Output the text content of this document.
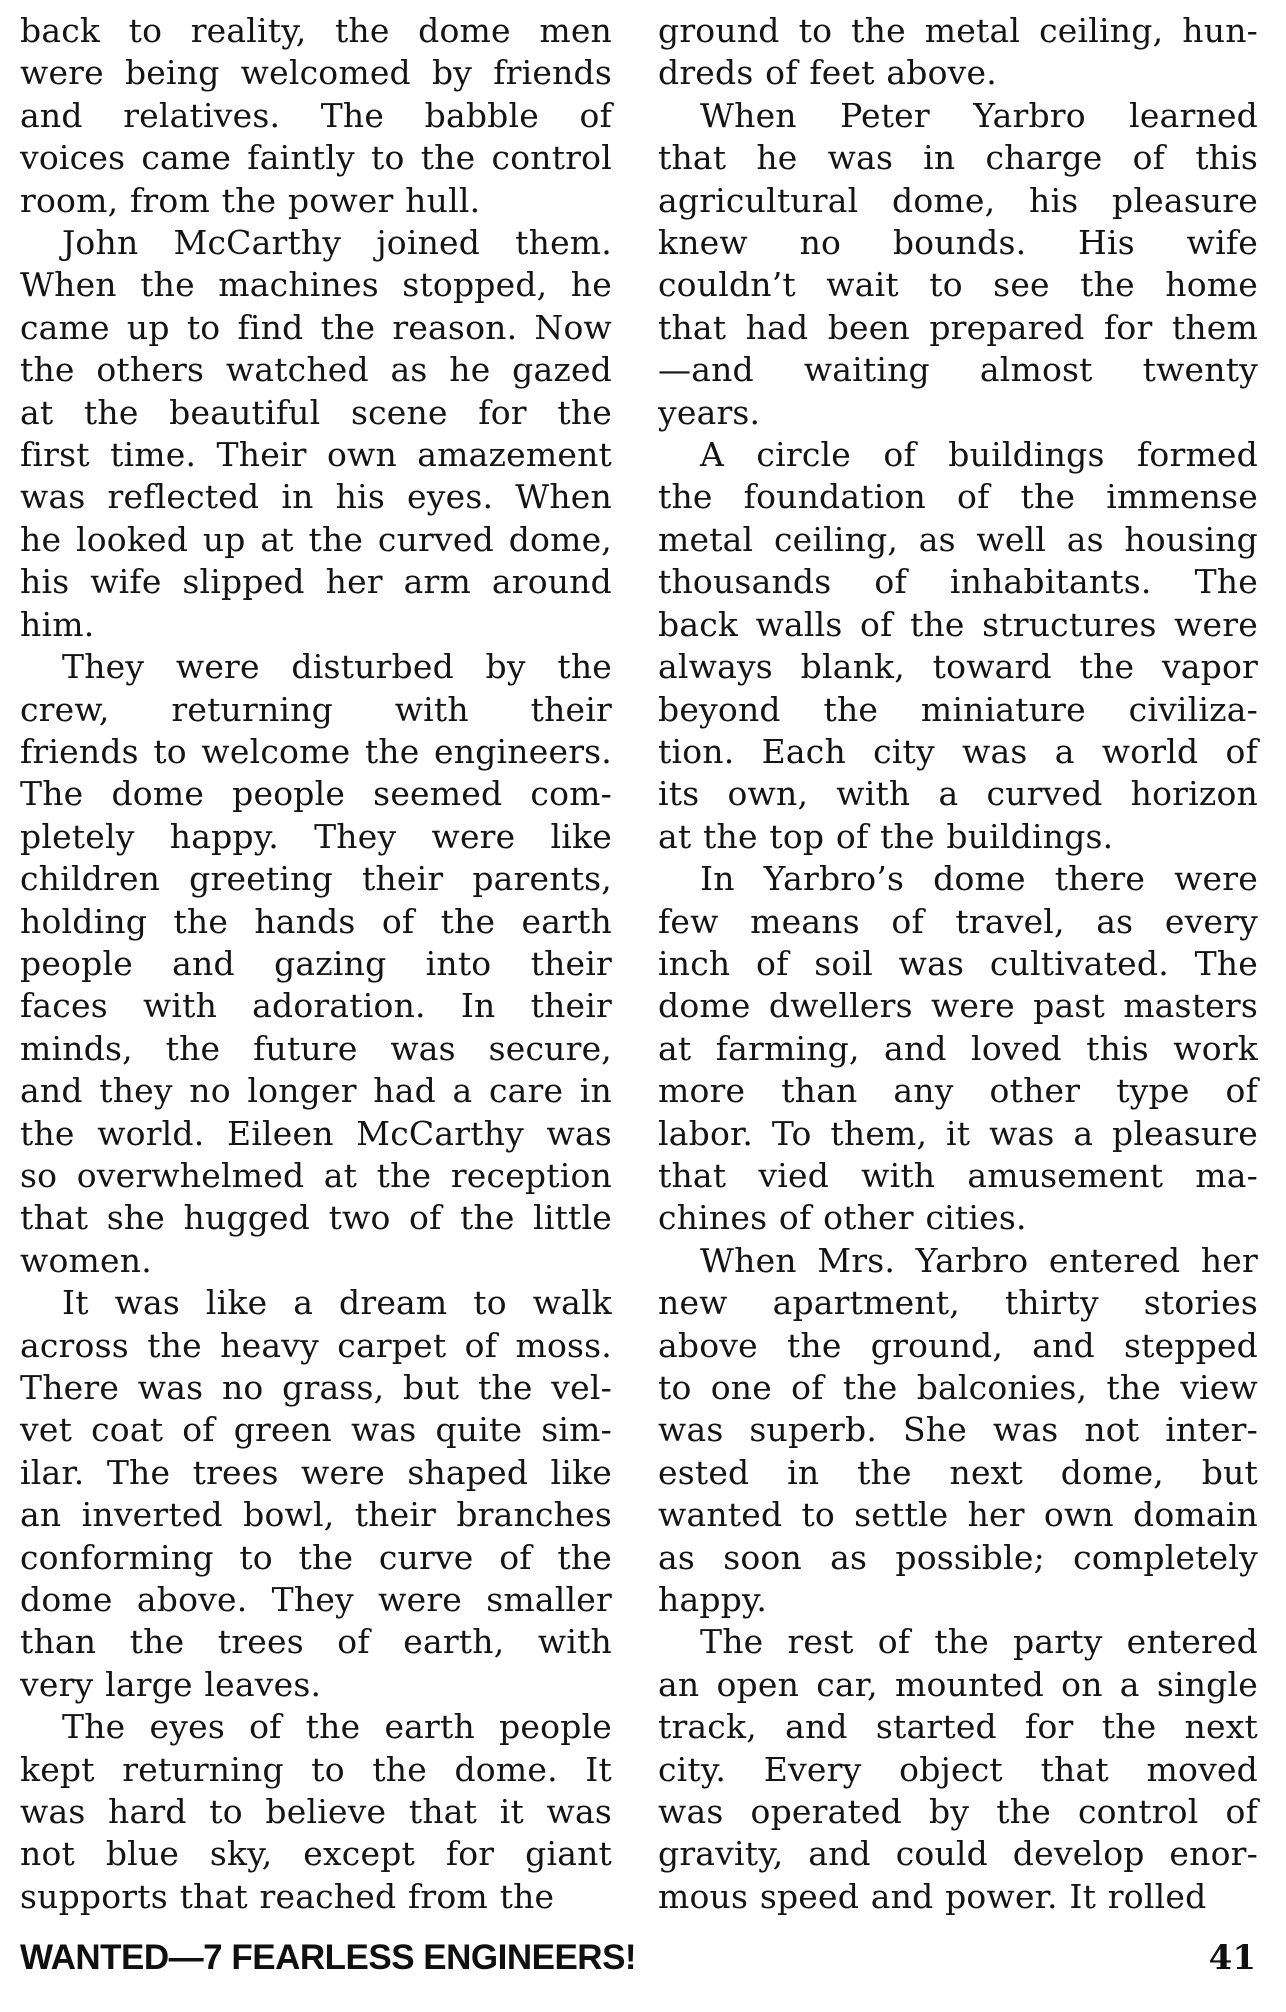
back to reality, the dome men
were being welcomed by friends
and relatives. The babble of
voices came faintly to the control
room, from the power hull.
John McCarthy joined them.
When the machines stopped, he
came up to find the reason. Now
the others watched as he gazed
at the beautiful scene for the
first time. Their own amazement
was reflected in his eyes. When
he looked up at the curved dome,
his wife slipped her arm around
him.
They were disturbed by the
crew, returning with their
friends to welcome the engineers.
The dome people seemed com-
pletely happy. They were like
children greeting their parents,
holding the hands of the earth
people and gazing into their
faces with adoration. In their
minds, the future was secure,
and they no longer had a care in
the world. Eileen McCarthy was
so overwhelmed at the reception
that she hugged two of the little
women.
It was like a dream to walk
across the heavy carpet of moss.
There was no grass, but the vel-
vet coat of green was quite sim-
ilar. The trees were shaped like
an inverted bowl, their branches
conforming to the curve of the
dome above. They were smaller
than the trees of earth, with
very large leaves.
The eyes of the earth people
kept returning to the dome. It
was hard to believe that it was
not blue sky, except for giant
supports that reached from the
ground to the metal ceiling, hun-
dreds of feet above.
When Peter Yarbro learned
that he was in charge of this
agricultural dome, his pleasure
knew no bounds. His wife
couldn’t wait to see the home
that had been prepared for them
—and waiting almost twenty
years.
A circle of buildings formed
the foundation of the immense
metal ceiling, as well as housing
thousands of inhabitants. The
back walls of the structures were
always blank, toward the vapor
beyond the miniature civiliza-
tion. Each city was a world of
its own, with a curved horizon
at the top of the buildings.
In Yarbro’s dome there were
few means of travel, as every
inch of soil was cultivated. The
dome dwellers were past masters
at farming, and loved this work
more than any other type of
labor. To them, it was a pleasure
that vied with amusement ma-
chines of other cities.
When Mrs. Yarbro entered her
new apartment, thirty stories
above the ground, and stepped
to one of the balconies, the view
was superb. She was not inter-
ested in the next dome, but
wanted to settle her own domain
as soon as possible; completely
happy.
The rest of the party entered
an open car, mounted on a single
track, and started for the next
city. Every object that moved
was operated by the control of
gravity, and could develop enor-
mous speed and power. It rolled
WANTED—7 FEARLESS ENGINEERS!	41
